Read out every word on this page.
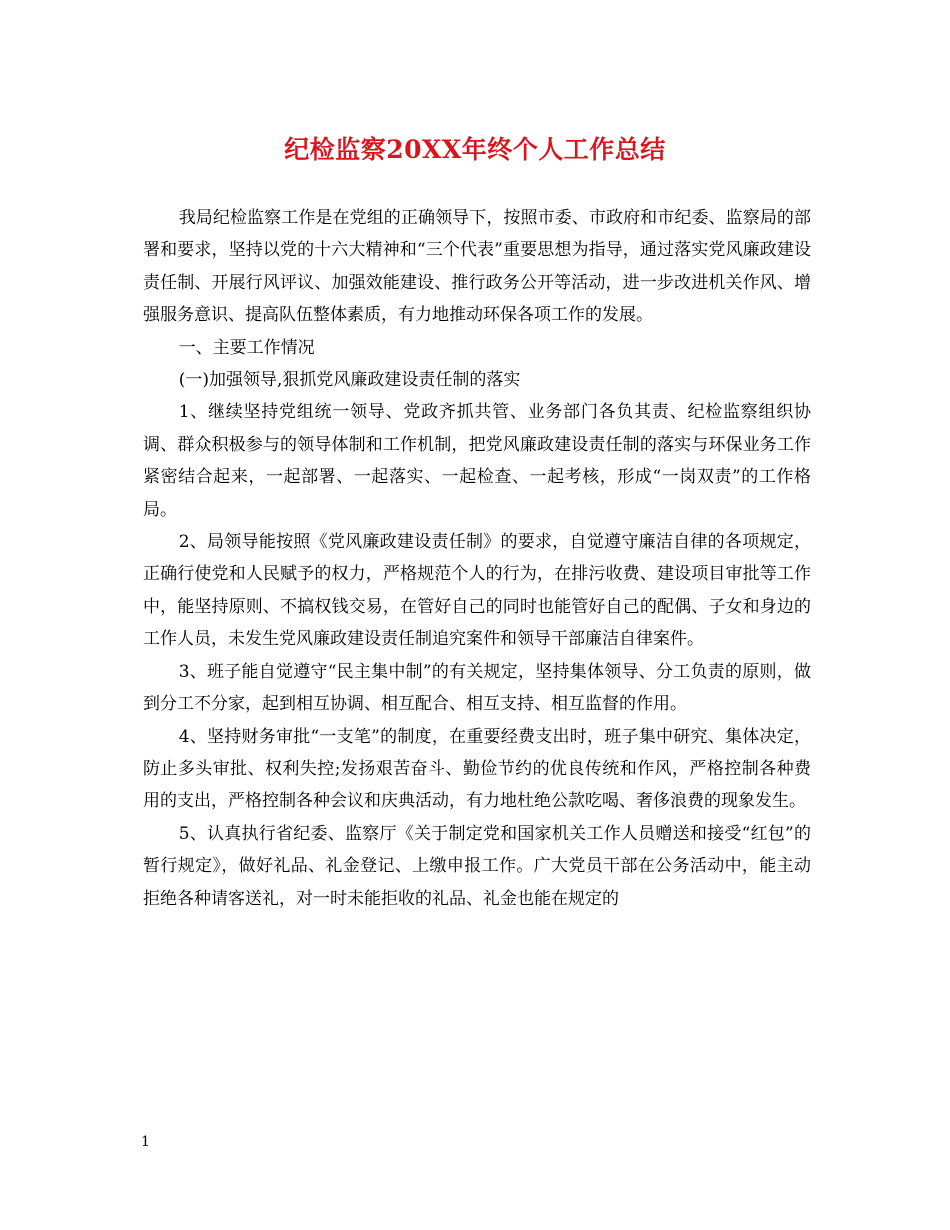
纪检监察20XX年终个人工作总结

我局纪检监察工作是在党组的正确领导下，按照市委、市政府和市纪委、监察局的部署和要求，坚持以党的十六大精神和“三个代表”重要思想为指导，通过落实党风廉政建设责任制、开展行风评议、加强效能建设、推行政务公开等活动，进一步改进机关作风、增强服务意识、提高队伍整体素质，有力地推动环保各项工作的发展。

一、主要工作情况

(一)加强领导,狠抓党风廉政建设责任制的落实

1、继续坚持党组统一领导、党政齐抓共管、业务部门各负其责、纪检监察组织协调、群众积极参与的领导体制和工作机制，把党风廉政建设责任制的落实与环保业务工作紧密结合起来，一起部署、一起落实、一起检查、一起考核，形成“一岗双责”的工作格局。

2、局领导能按照《党风廉政建设责任制》的要求，自觉遵守廉洁自律的各项规定，正确行使党和人民赋予的权力，严格规范个人的行为，在排污收费、建设项目审批等工作中，能坚持原则、不搞权钱交易，在管好自己的同时也能管好自己的配偶、子女和身边的工作人员，未发生党风廉政建设责任制追究案件和领导干部廉洁自律案件。

3、班子能自觉遵守“民主集中制”的有关规定，坚持集体领导、分工负责的原则，做到分工不分家，起到相互协调、相互配合、相互支持、相互监督的作用。

4、坚持财务审批“一支笔”的制度，在重要经费支出时，班子集中研究、集体决定，防止多头审批、权利失控;发扬艰苦奋斗、勤俭节约的优良传统和作风，严格控制各种费用的支出，严格控制各种会议和庆典活动，有力地杜绝公款吃喝、奢侈浪费的现象发生。

5、认真执行省纪委、监察厅《关于制定党和国家机关工作人员赠送和接受“红包”的暂行规定》，做好礼品、礼金登记、上缴申报工作。广大党员干部在公务活动中，能主动拒绝各种请客送礼，对一时未能拒收的礼品、礼金也能在规定的

1
